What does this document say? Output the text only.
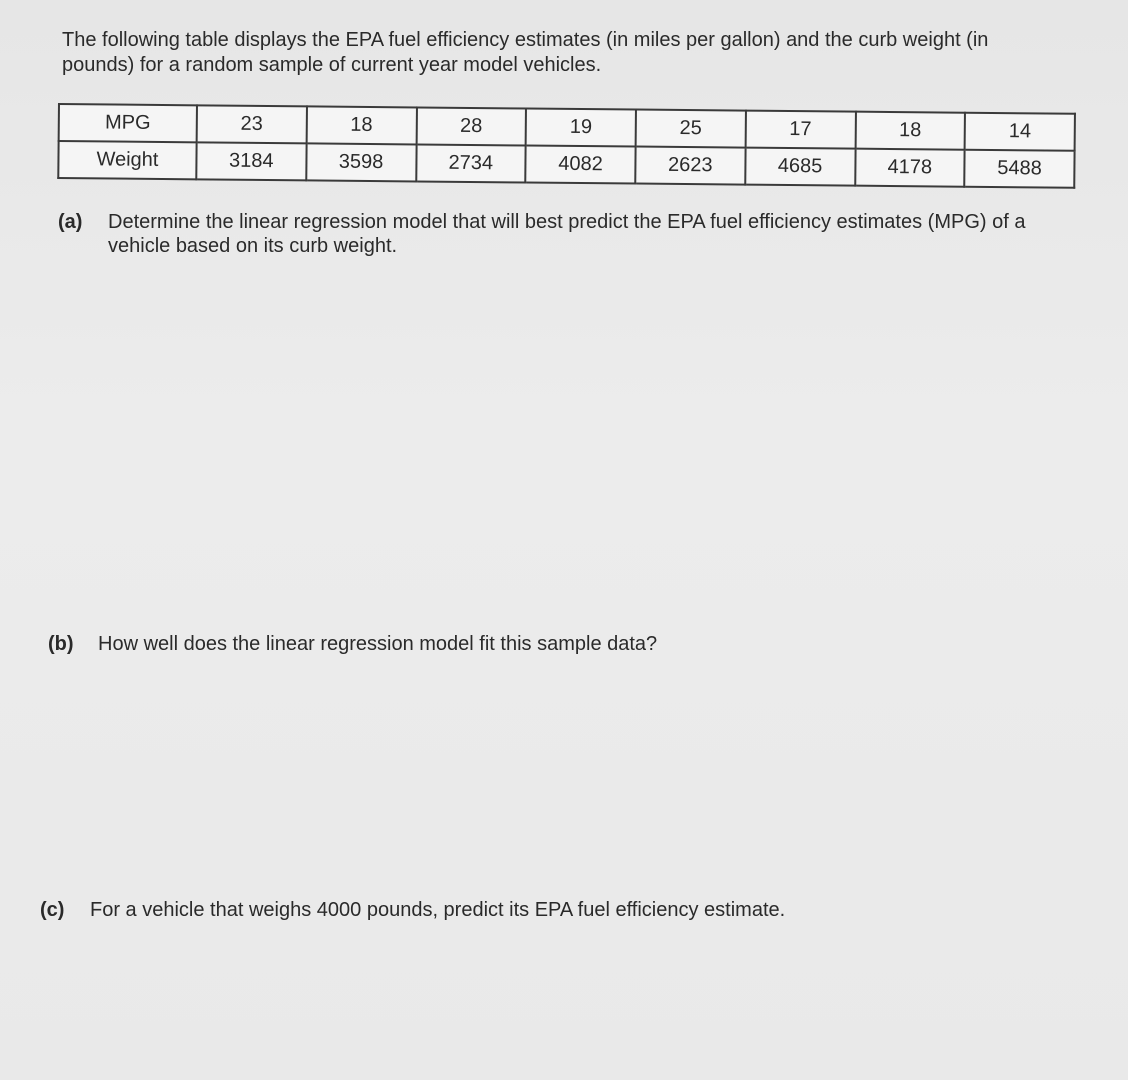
The following table displays the EPA fuel efficiency estimates (in miles per gallon) and the curb weight (in pounds) for a random sample of current year model vehicles.

MPG	23	18	28	19	25	17	18	14
Weight	3184	3598	2734	4082	2623	4685	4178	5488
(a)	Determine the linear regression model that will best predict the EPA fuel efficiency estimates (MPG) of a vehicle based on its curb weight.
(b)	How well does the linear regression model fit this sample data?
(c)	For a vehicle that weighs 4000 pounds, predict its EPA fuel efficiency estimate.
